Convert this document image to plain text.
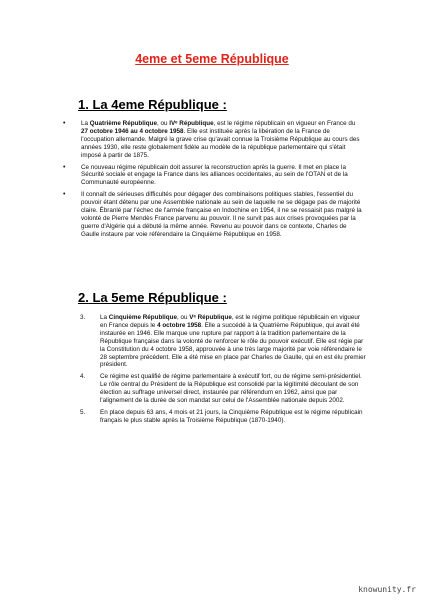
4eme et 5eme République
1. La 4eme République :
•	La Quatrième République, ou IVᵉ République, est le régime républicain en vigueur en France du 27 octobre 1946 au 4 octobre 1958. Elle est instituée après la libération de la France de l'occupation allemande. Malgré la grave crise qu'avait connue la Troisième République au cours des années 1930, elle reste globalement fidèle au modèle de la république parlementaire qui s'était imposé à partir de 1875.
•	Ce nouveau régime républicain doit assurer la reconstruction après la guerre. Il met en place la Sécurité sociale et engage la France dans les alliances occidentales, au sein de l'OTAN et de la Communauté européenne.
•	Il connaît de sérieuses difficultés pour dégager des combinaisons politiques stables, l'essentiel du pouvoir étant détenu par une Assemblée nationale au sein de laquelle ne se dégage pas de majorité claire. Ébranlé par l'échec de l'armée française en Indochine en 1954, il ne se ressaisit pas malgré la volonté de Pierre Mendès France parvenu au pouvoir. Il ne survit pas aux crises provoquées par la guerre d'Algérie qui a débuté la même année. Revenu au pouvoir dans ce contexte, Charles de Gaulle instaure par voie référendaire la Cinquième République en 1958.
2. La 5eme République :
3.	La Cinquième République, ou Vᵉ République, est le régime politique républicain en vigueur en France depuis le 4 octobre 1958. Elle a succédé à la Quatrième République, qui avait été instaurée en 1946. Elle marque une rupture par rapport à la tradition parlementaire de la République française dans la volonté de renforcer le rôle du pouvoir exécutif. Elle est régie par la Constitution du 4 octobre 1958, approuvée à une très large majorité par voie référendaire le 28 septembre précédent. Elle a été mise en place par Charles de Gaulle, qui en est élu premier président.
4.	Ce régime est qualifié de régime parlementaire à exécutif fort, ou de régime semi-présidentiel. Le rôle central du Président de la République est consolidé par la légitimité découlant de son élection au suffrage universel direct, instaurée par référendum en 1962, ainsi que par l'alignement de la durée de son mandat sur celui de l'Assemblée nationale depuis 2002.
5.	En place depuis 63 ans, 4 mois et 21 jours, la Cinquième République est le régime républicain français le plus stable après la Troisième République (1870-1940).
knowunity.fr
